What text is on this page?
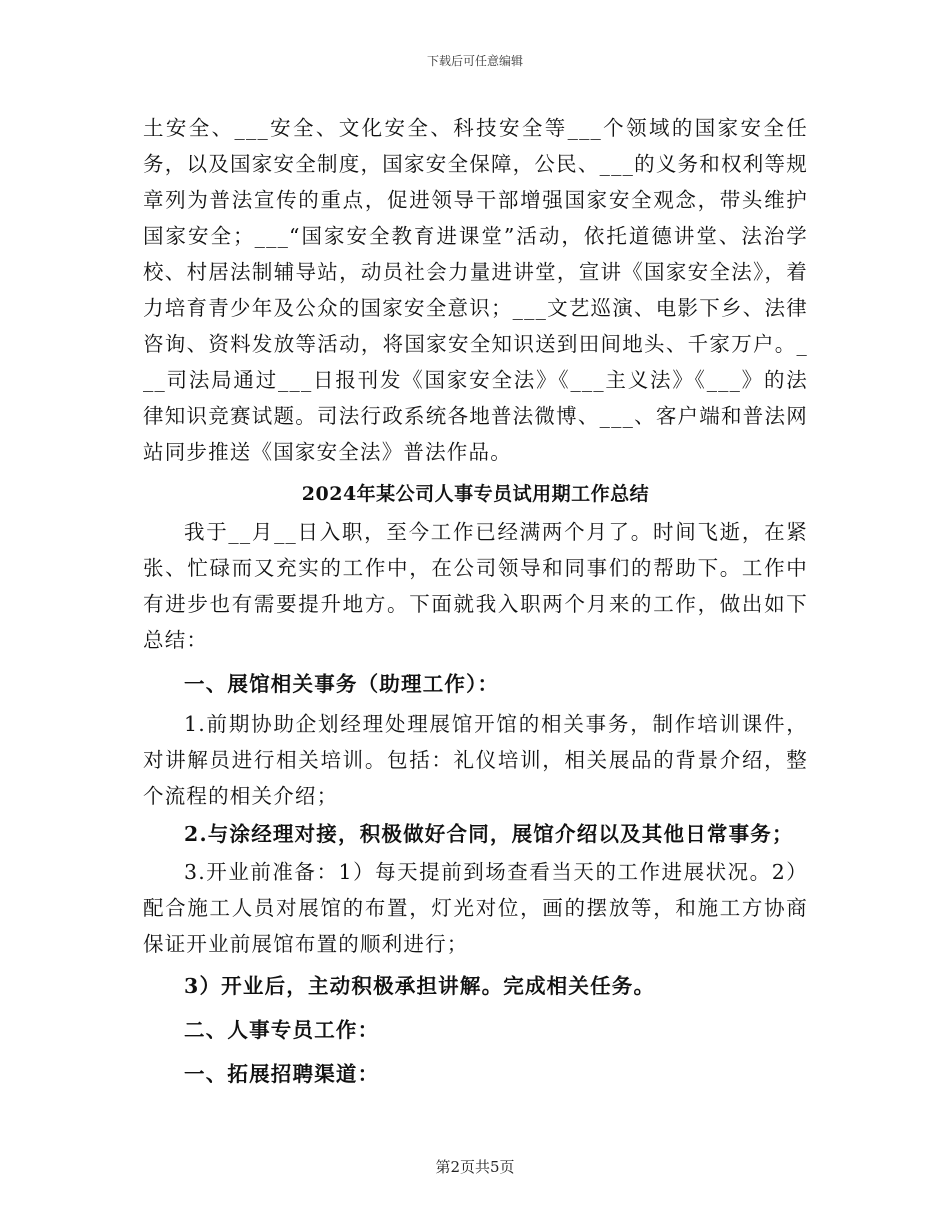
下载后可任意编辑

土安全、___安全、文化安全、科技安全等___个领域的国家安全任务，以及国家安全制度，国家安全保障，公民、___的义务和权利等规章列为普法宣传的重点，促进领导干部增强国家安全观念，带头维护国家安全；___“国家安全教育进课堂”活动，依托道德讲堂、法治学校、村居法制辅导站，动员社会力量进讲堂，宣讲《国家安全法》，着力培育青少年及公众的国家安全意识；___文艺巡演、电影下乡、法律咨询、资料发放等活动，将国家安全知识送到田间地头、千家万户。___司法局通过___日报刊发《国家安全法》《___主义法》《___》的法律知识竞赛试题。司法行政系统各地普法微博、___、客户端和普法网站同步推送《国家安全法》普法作品。

2024年某公司人事专员试用期工作总结

我于__月__日入职，至今工作已经满两个月了。时间飞逝，在紧张、忙碌而又充实的工作中，在公司领导和同事们的帮助下。工作中有进步也有需要提升地方。下面就我入职两个月来的工作，做出如下总结：

一、展馆相关事务（助理工作）：

1.前期协助企划经理处理展馆开馆的相关事务，制作培训课件，对讲解员进行相关培训。包括：礼仪培训，相关展品的背景介绍，整个流程的相关介绍；

2.与涂经理对接，积极做好合同，展馆介绍以及其他日常事务；

3.开业前准备：1）每天提前到场查看当天的工作进展状况。2）配合施工人员对展馆的布置，灯光对位，画的摆放等，和施工方协商保证开业前展馆布置的顺利进行；

3）开业后，主动积极承担讲解。完成相关任务。

二、人事专员工作：

一、拓展招聘渠道：

第2页共5页
